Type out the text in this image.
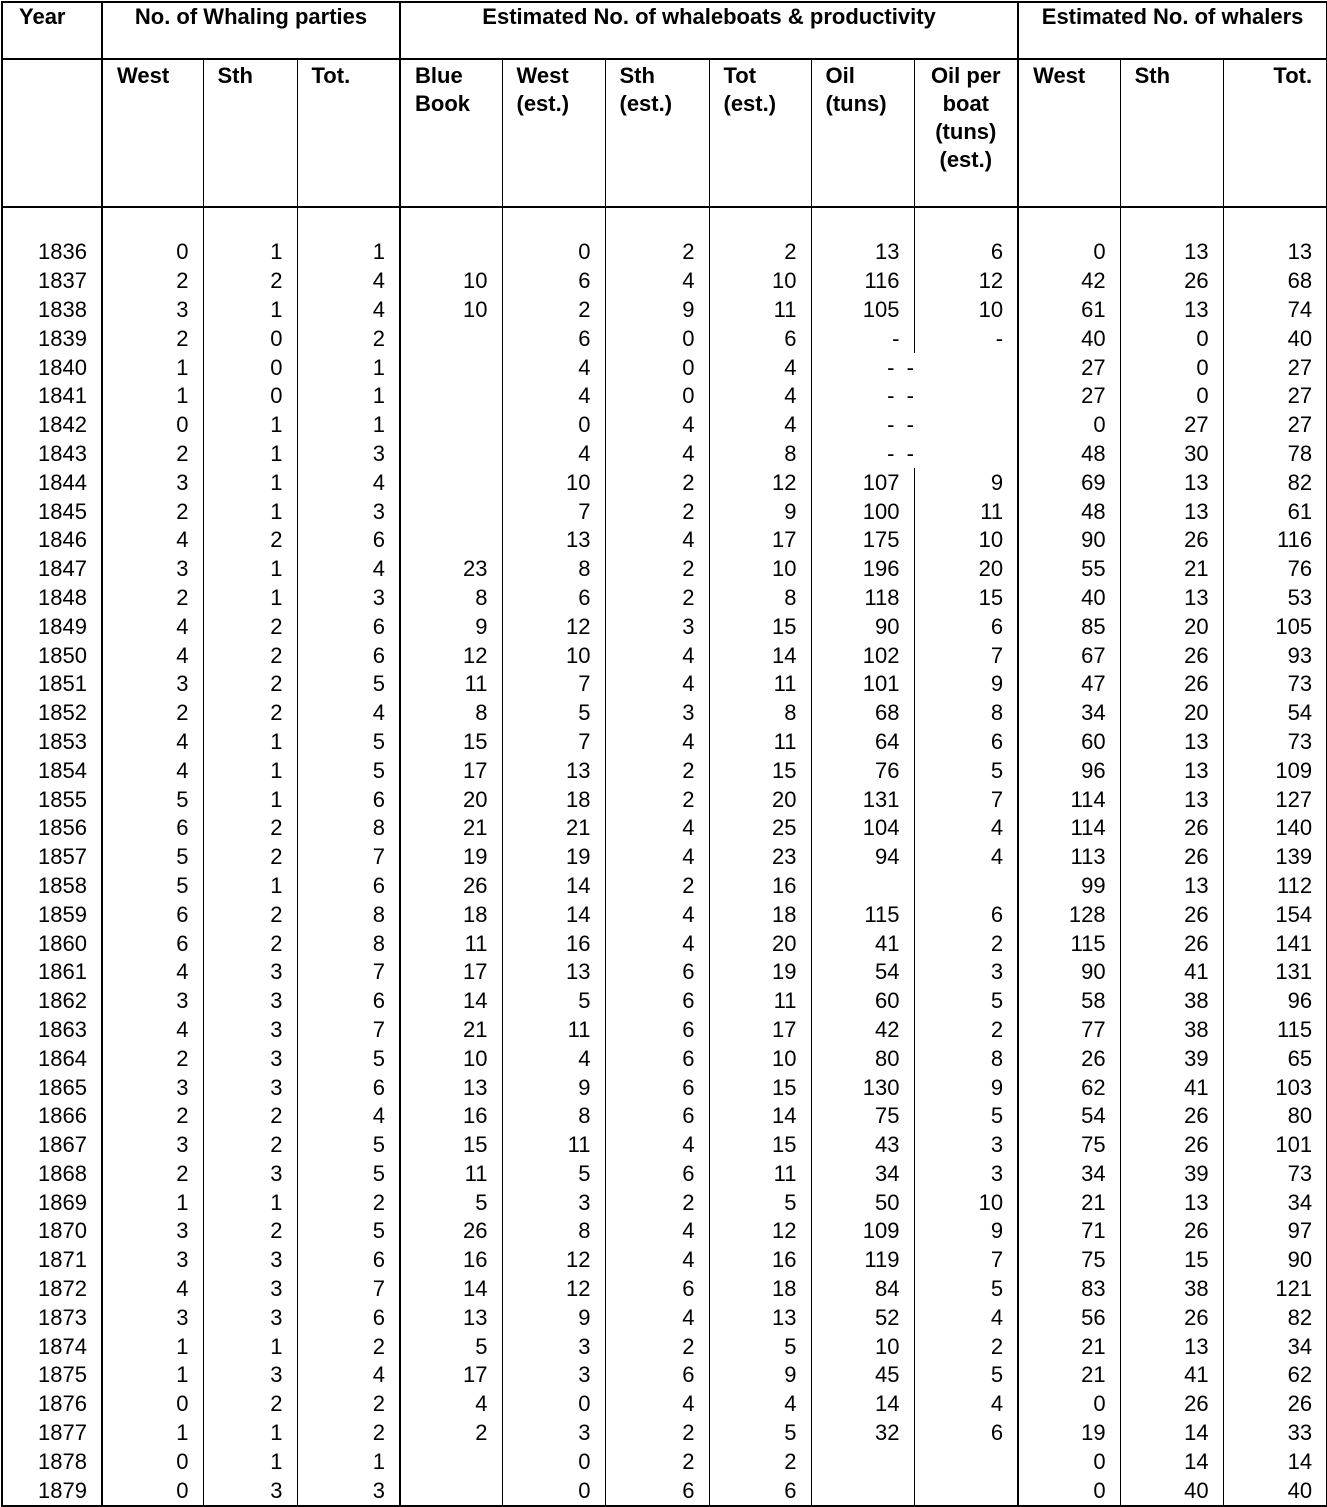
Year	No. of Whaling parties			Estimated No. of whaleboats & productivity						Estimated No. of whalers		
	West	Sth	Tot.	Blue Book	West (est.)	Sth (est.)	Tot (est.)	Oil (tuns)	Oil per boat (tuns) (est.)	West	Sth	Tot.

1836	0	1	1		0	2	2	13	6	0	13	13
1837	2	2	4	10	6	4	10	116	12	42	26	68
1838	3	1	4	10	2	9	11	105	10	61	13	74
1839	2	0	2		6	0	6	-	-	40	0	40
1840	1	0	1		4	0	4	-  -		27	0	27
1841	1	0	1		4	0	4	-  -		27	0	27
1842	0	1	1		0	4	4	-  -		0	27	27
1843	2	1	3		4	4	8	-  -		48	30	78
1844	3	1	4		10	2	12	107	9	69	13	82
1845	2	1	3		7	2	9	100	11	48	13	61
1846	4	2	6		13	4	17	175	10	90	26	116
1847	3	1	4	23	8	2	10	196	20	55	21	76
1848	2	1	3	8	6	2	8	118	15	40	13	53
1849	4	2	6	9	12	3	15	90	6	85	20	105
1850	4	2	6	12	10	4	14	102	7	67	26	93
1851	3	2	5	11	7	4	11	101	9	47	26	73
1852	2	2	4	8	5	3	8	68	8	34	20	54
1853	4	1	5	15	7	4	11	64	6	60	13	73
1854	4	1	5	17	13	2	15	76	5	96	13	109
1855	5	1	6	20	18	2	20	131	7	114	13	127
1856	6	2	8	21	21	4	25	104	4	114	26	140
1857	5	2	7	19	19	4	23	94	4	113	26	139
1858	5	1	6	26	14	2	16			99	13	112
1859	6	2	8	18	14	4	18	115	6	128	26	154
1860	6	2	8	11	16	4	20	41	2	115	26	141
1861	4	3	7	17	13	6	19	54	3	90	41	131
1862	3	3	6	14	5	6	11	60	5	58	38	96
1863	4	3	7	21	11	6	17	42	2	77	38	115
1864	2	3	5	10	4	6	10	80	8	26	39	65
1865	3	3	6	13	9	6	15	130	9	62	41	103
1866	2	2	4	16	8	6	14	75	5	54	26	80
1867	3	2	5	15	11	4	15	43	3	75	26	101
1868	2	3	5	11	5	6	11	34	3	34	39	73
1869	1	1	2	5	3	2	5	50	10	21	13	34
1870	3	2	5	26	8	4	12	109	9	71	26	97
1871	3	3	6	16	12	4	16	119	7	75	15	90
1872	4	3	7	14	12	6	18	84	5	83	38	121
1873	3	3	6	13	9	4	13	52	4	56	26	82
1874	1	1	2	5	3	2	5	10	2	21	13	34
1875	1	3	4	17	3	6	9	45	5	21	41	62
1876	0	2	2	4	0	4	4	14	4	0	26	26
1877	1	1	2	2	3	2	5	32	6	19	14	33
1878	0	1	1		0	2	2			0	14	14
1879	0	3	3		0	6	6			0	40	40
